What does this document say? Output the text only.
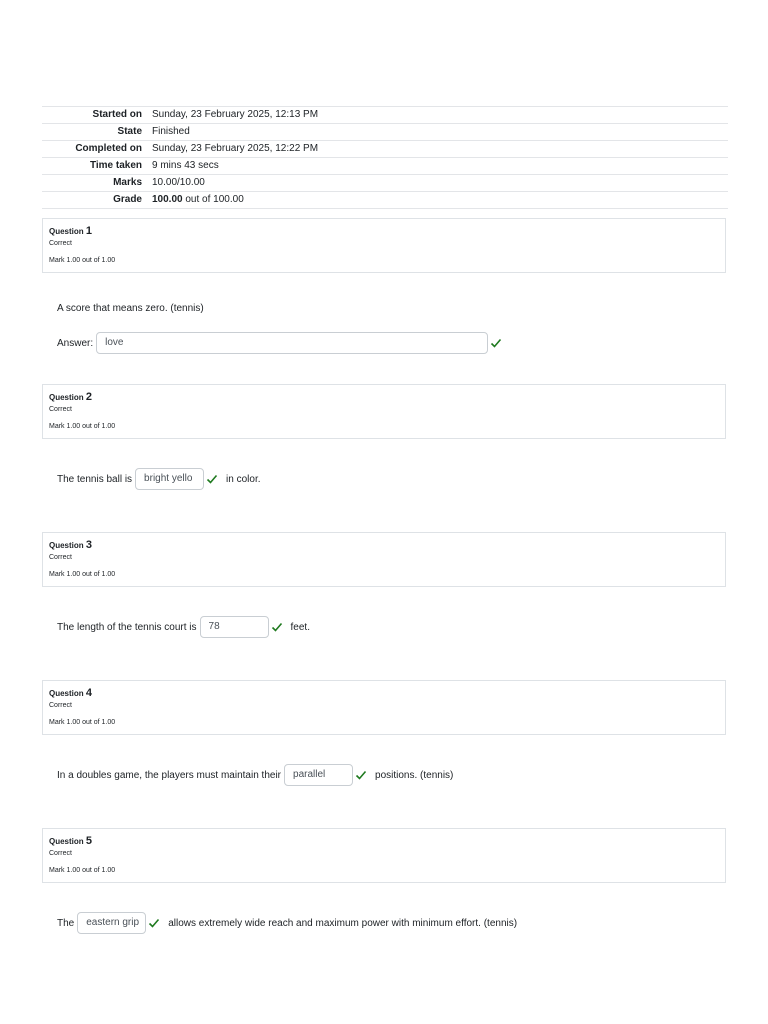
Started on	Sunday, 23 February 2025, 12:13 PM
State	Finished
Completed on	Sunday, 23 February 2025, 12:22 PM
Time taken	9 mins 43 secs
Marks	10.00/10.00
Grade	100.00 out of 100.00
Question 1
Correct
Mark 1.00 out of 1.00
A score that means zero. (tennis)
Answer:	love
Question 2
Correct
Mark 1.00 out of 1.00
The tennis ball is	bright yello	in color.
Question 3
Correct
Mark 1.00 out of 1.00
The length of the tennis court is	78	feet.
Question 4
Correct
Mark 1.00 out of 1.00
In a doubles game, the players must maintain their	parallel	positions. (tennis)
Question 5
Correct
Mark 1.00 out of 1.00
The	eastern grip	allows extremely wide reach and maximum power with minimum effort. (tennis)
